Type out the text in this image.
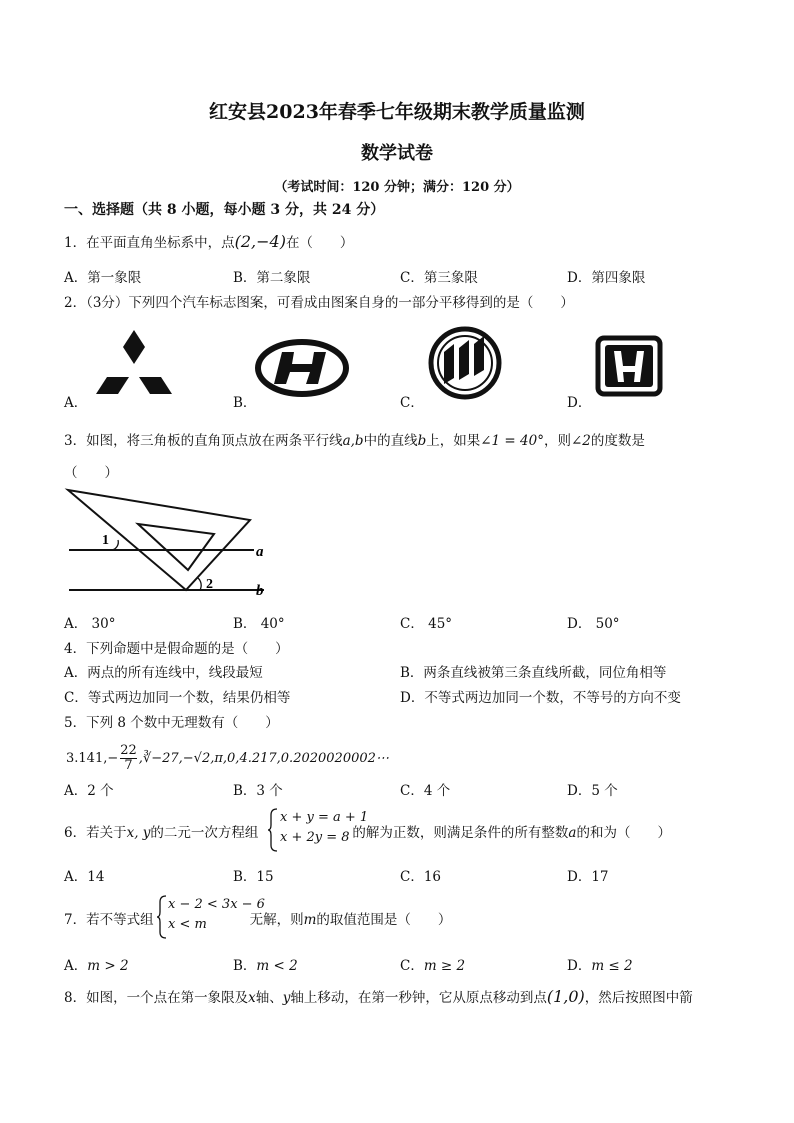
红安县2023年春季七年级期末教学质量监测
数学试卷
（考试时间：120 分钟；满分：120 分）
一、选择题（共 8 小题，每小题 3 分，共 24 分）
1．在平面直角坐标系中，点(2,−4)在（　　）
A．第一象限	B．第二象限	C．第三象限	D．第四象限
2．（3分）下列四个汽车标志图案，可看成由图案自身的一部分平移得到的是（　　）
A．	B．	C．	D．
3．如图，将三角板的直角顶点放在两条平行线a,b中的直线b上，如果∠1 = 40°，则∠2的度数是
（　　）
1
2
a
b
A． 30°	B． 40°	C． 45°	D． 50°
4．下列命题中是假命题的是（　　）
A．两点的所有连线中，线段最短	B．两条直线被第三条直线所截，同位角相等
C．等式两边加同一个数，结果仍相等	D．不等式两边加同一个数，不等号的方向不变
5．下列 8 个数中无理数有（　　）
$3.141,- \frac{22}{7}$ ,∛−27,−√2,π,0,4.217,0.2020020002⋯
A．2 个	B．3 个	C．4 个	D．5 个
6．若关于x, y的二元一次方程组	的解为正数，则满足条件的所有整数a的和为（　　）
x + y = a + 1
x + 2y = 8
A．14	B．15	C．16	D．17
7．若不等式组	无解，则m的取值范围是（　　）
x − 2 < 3x − 6
x < m
A．m > 2	B．m < 2	C．m ≥ 2	D．m ≤ 2
8．如图，一个点在第一象限及x轴、y轴上移动，在第一秒钟，它从原点移动到点(1,0)，然后按照图中箭
